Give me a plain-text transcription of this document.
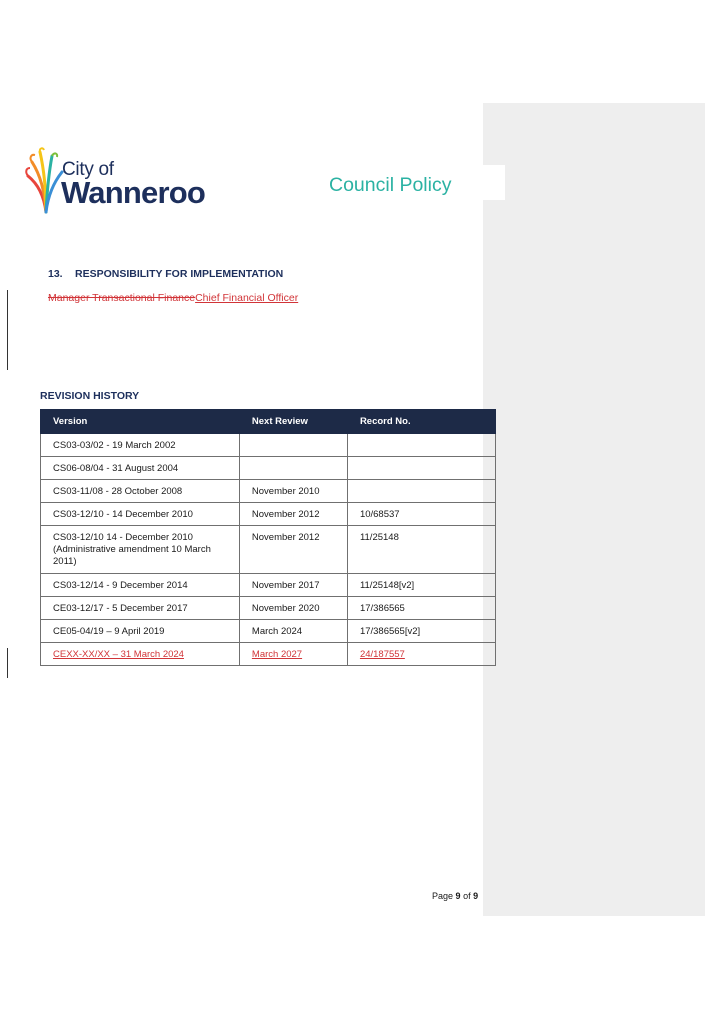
City of
Wanneroo	Council Policy
13. RESPONSIBILITY FOR IMPLEMENTATION
Manager Transactional FinanceChief Financial Officer
REVISION HISTORY
Version	Next Review	Record No.
CS03-03/02 - 19 March 2002		
CS06-08/04 - 31 August 2004		
CS03-11/08 - 28 October 2008	November 2010	
CS03-12/10 - 14 December 2010	November 2012	10/68537

CS03-12/10 14 - December 2010
(Administrative amendment 10 March 2011)	November 2012	11/25148
CS03-12/14 - 9 December 2014	November 2017	11/25148[v2]
CE03-12/17 - 5 December 2017	November 2020	17/386565
CE05-04/19 – 9 April 2019	March 2024	17/386565[v2]
CEXX-XX/XX – 31 March 2024	March 2027	24/187557
Page 9 of 9
